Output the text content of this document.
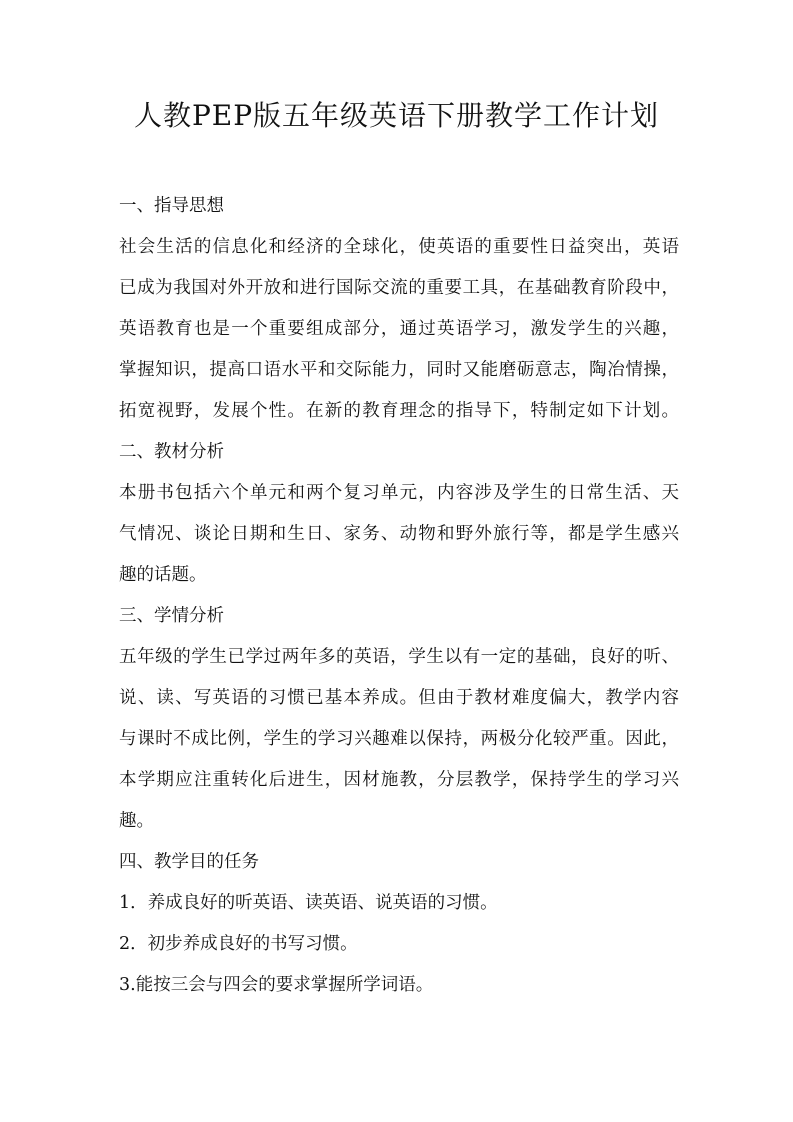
人教PEP版五年级英语下册教学工作计划
一、指导思想
社会生活的信息化和经济的全球化，使英语的重要性日益突出，英语
已成为我国对外开放和进行国际交流的重要工具，在基础教育阶段中，
英语教育也是一个重要组成部分，通过英语学习，激发学生的兴趣，
掌握知识，提高口语水平和交际能力，同时又能磨砺意志，陶冶情操，
拓宽视野，发展个性。在新的教育理念的指导下，特制定如下计划。
二、教材分析
本册书包括六个单元和两个复习单元，内容涉及学生的日常生活、天
气情况、谈论日期和生日、家务、动物和野外旅行等，都是学生感兴
趣的话题。
三、学情分析
五年级的学生已学过两年多的英语，学生以有一定的基础，良好的听、
说、读、写英语的习惯已基本养成。但由于教材难度偏大，教学内容
与课时不成比例，学生的学习兴趣难以保持，两极分化较严重。因此，
本学期应注重转化后进生，因材施教，分层教学，保持学生的学习兴
趣。
四、教学目的任务
1．养成良好的听英语、读英语、说英语的习惯。
2．初步养成良好的书写习惯。
3.能按三会与四会的要求掌握所学词语。
